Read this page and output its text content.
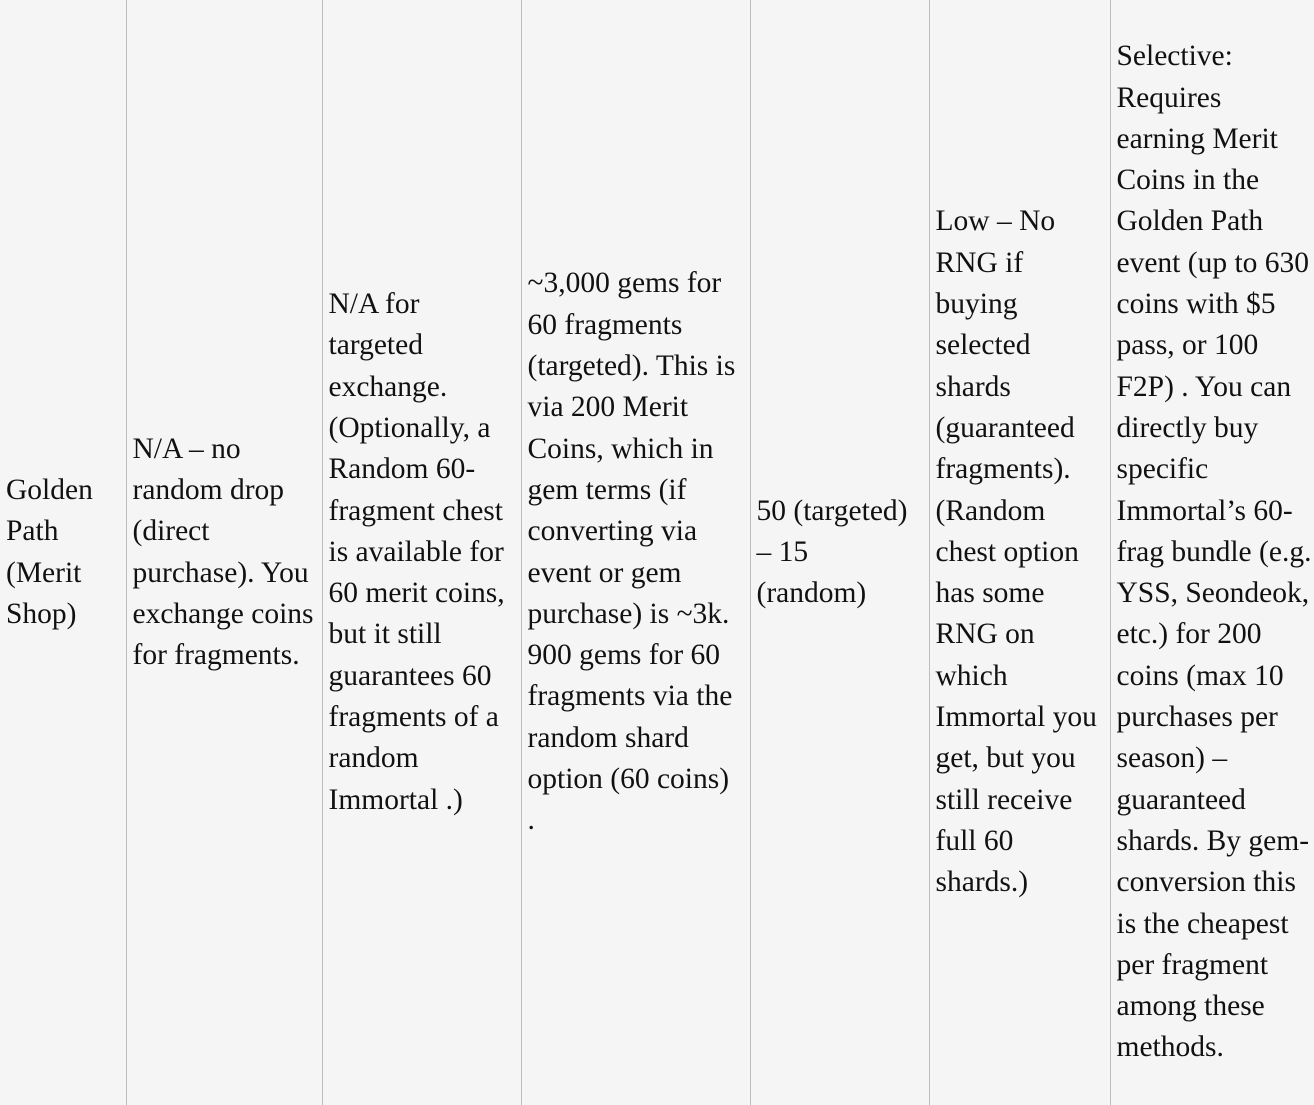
Golden Path (Merit Shop)	N/A – no random drop (direct purchase). You exchange coins for fragments.	N/A for targeted exchange. (Optionally, a Random 60-fragment chest is available for 60 merit coins, but it still guarantees 60 fragments of a random Immortal .)	~3,000 gems for 60 fragments (targeted). This is via 200 Merit Coins, which in gem terms (if converting via event or gem purchase) is ~3k. 900 gems for 60 fragments via the random shard option (60 coins) .	50 (targeted) – 15 (random)	Low – No RNG if buying selected shards (guaranteed fragments). (Random chest option has some RNG on which Immortal you get, but you still receive full 60 shards.)	Selective: Requires earning Merit Coins in the Golden Path event (up to 630 coins with $5 pass, or 100 F2P) . You can directly buy specific Immortal’s 60-frag bundle (e.g. YSS, Seondeok, etc.) for 200 coins (max 10 purchases per season) – guaranteed shards. By gem-conversion this is the cheapest per fragment among these methods.
